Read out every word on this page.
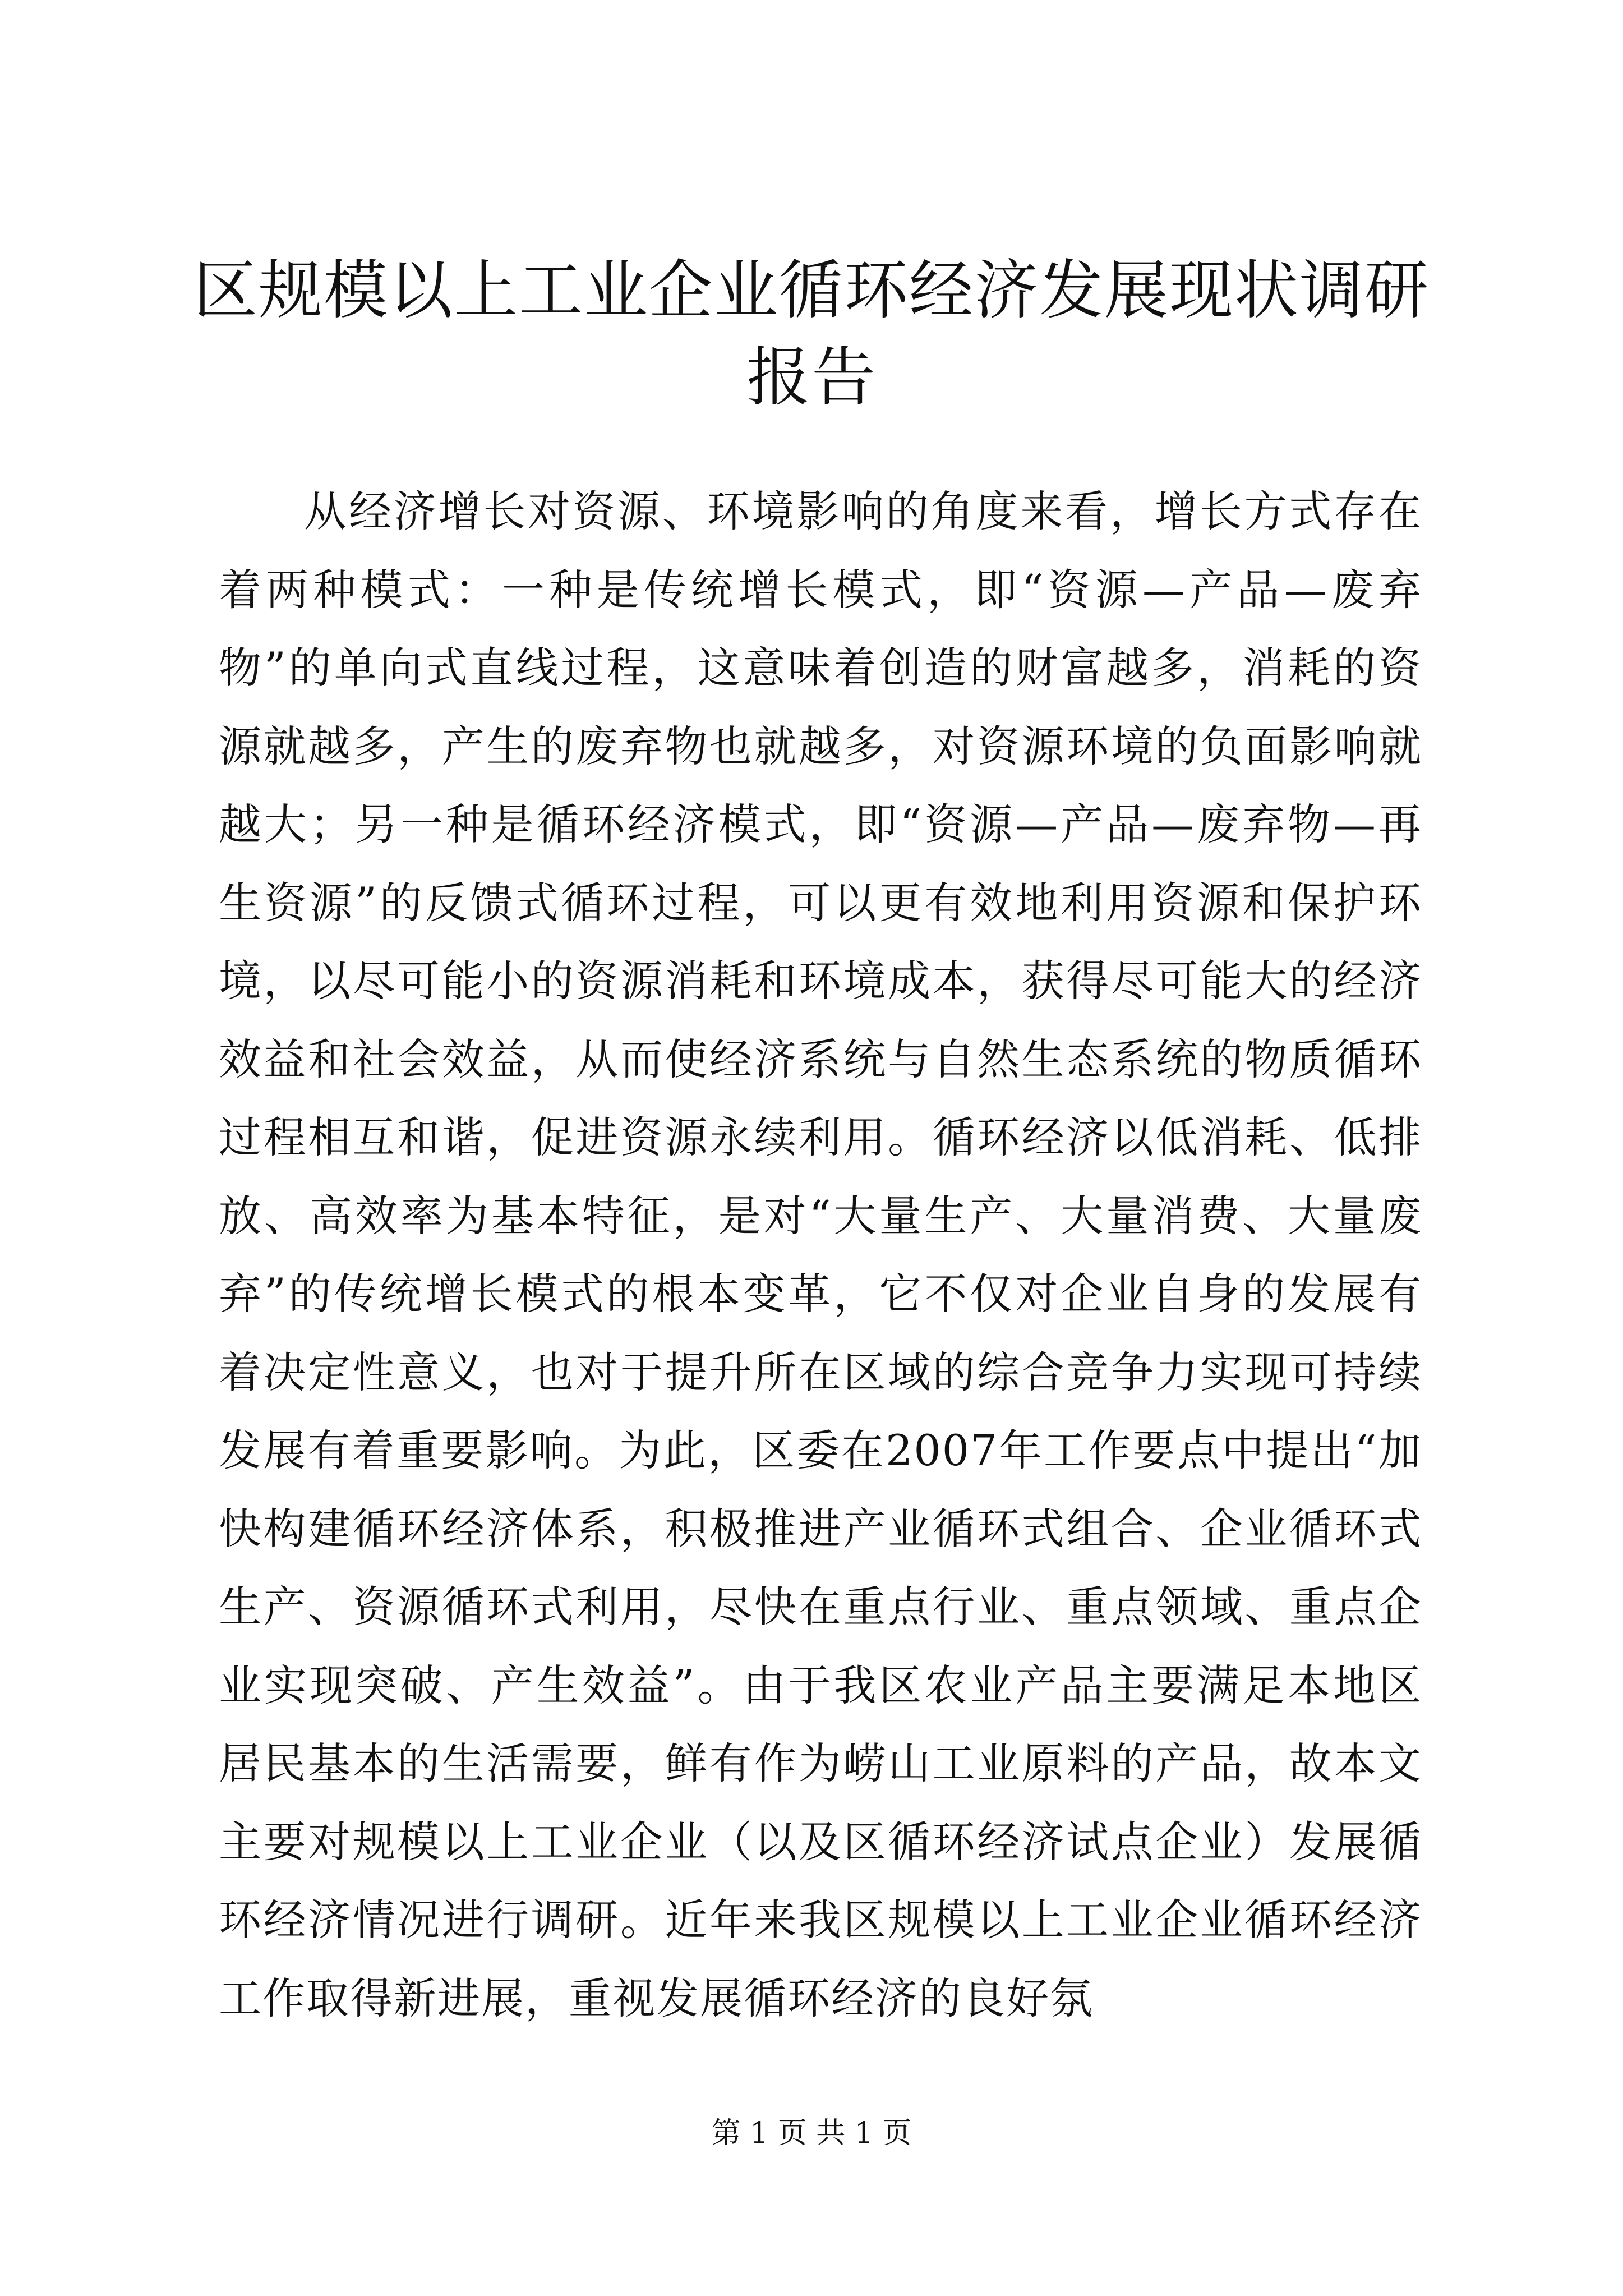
区规模以上工业企业循环经济发展现状调研报告

从经济增长对资源、环境影响的角度来看，增长方式存在着两种模式：一种是传统增长模式，即“资源—产品—废弃物”的单向式直线过程，这意味着创造的财富越多，消耗的资源就越多，产生的废弃物也就越多，对资源环境的负面影响就越大；另一种是循环经济模式，即“资源—产品—废弃物—再生资源”的反馈式循环过程，可以更有效地利用资源和保护环境，以尽可能小的资源消耗和环境成本，获得尽可能大的经济效益和社会效益，从而使经济系统与自然生态系统的物质循环过程相互和谐，促进资源永续利用。循环经济以低消耗、低排放、高效率为基本特征，是对“大量生产、大量消费、大量废弃”的传统增长模式的根本变革，它不仅对企业自身的发展有着决定性意义，也对于提升所在区域的综合竞争力实现可持续发展有着重要影响。为此，区委在2007年工作要点中提出“加快构建循环经济体系，积极推进产业循环式组合、企业循环式生产、资源循环式利用，尽快在重点行业、重点领域、重点企业实现突破、产生效益”。由于我区农业产品主要满足本地区居民基本的生活需要，鲜有作为崂山工业原料的产品，故本文主要对规模以上工业企业（以及区循环经济试点企业）发展循环经济情况进行调研。近年来我区规模以上工业企业循环经济工作取得新进展，重视发展循环经济的良好氛

第 1 页 共 1 页
